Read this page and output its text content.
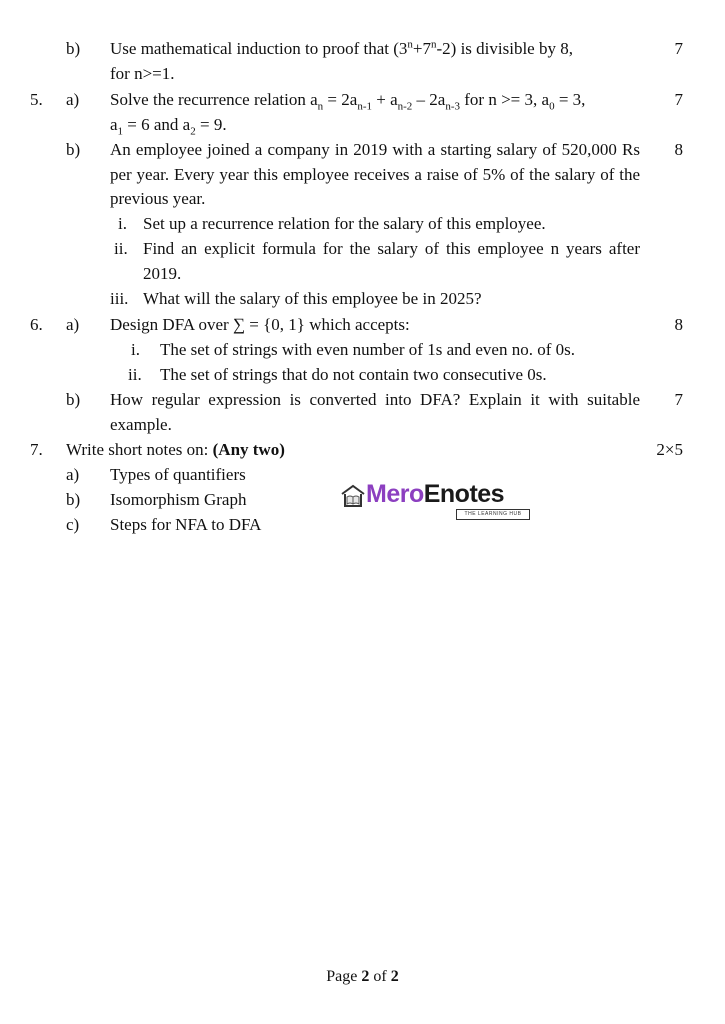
b) Use mathematical induction to proof that $(3^n+7^n-2)$ is divisible by 8,
for n>=1.
7
5. a) Solve the recurrence relation $a_n = 2a_{n-1} + a_{n-2} - 2a_{n-3}$ for n >= 3, $a_0 = 3$,
$a_1 = 6$ and $a_2 = 9$.
7
b) An employee joined a company in 2019 with a starting salary of 520,000 Rs per year. Every year this employee receives a raise of 5% of the salary of the previous year.
8
i. Set up a recurrence relation for the salary of this employee.
ii. Find an explicit formula for the salary of this employee n years after 2019.
iii. What will the salary of this employee be in 2025?
6. a) Design DFA over ∑ = {0, 1} which accepts:	8
i. The set of strings with even number of 1s and even no. of 0s.
ii. The set of strings that do not contain two consecutive 0s.
b) How regular expression is converted into DFA? Explain it with suitable example.
7
7. Write short notes on: (Any two)	2×5
a) Types of quantifiers
b) Isomorphism Graph
c) Steps for NFA to DFA
MeroEnotes
THE LEARNING HUB
Page 2 of 2
